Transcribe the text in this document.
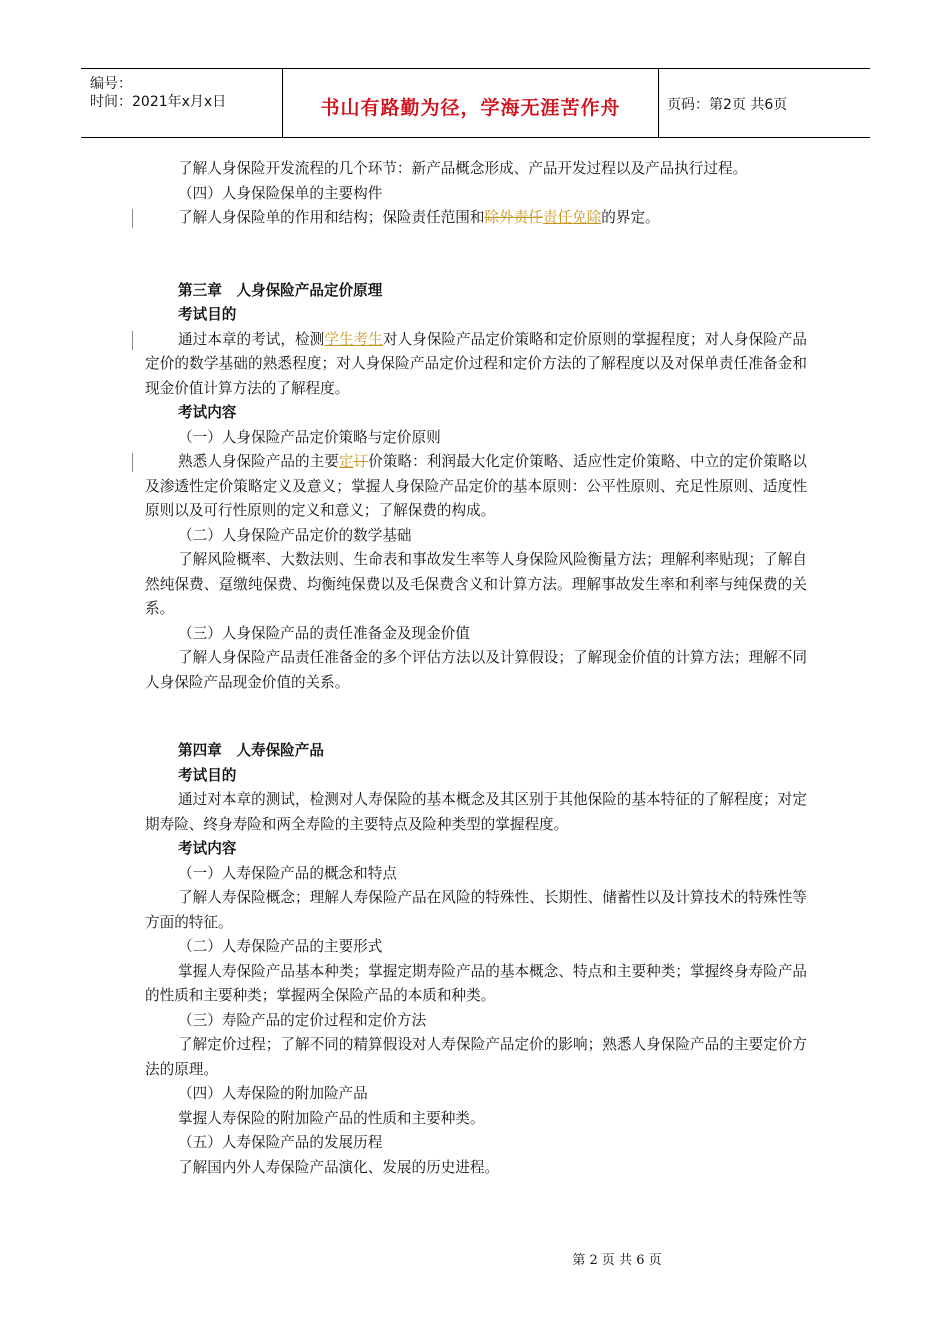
编号：
时间：2021年x月x日	书山有路勤为径，学海无涯苦作舟	页码：第2页 共6页

了解人身保险开发流程的几个环节：新产品概念形成、产品开发过程以及产品执行过程。

（四）人身保险保单的主要构件

了解人身保险单的作用和结构；保险责任范围和除外责任责任免除的界定。

第三章　人身保险产品定价原理

考试目的

通过本章的考试，检测学生考生对人身保险产品定价策略和定价原则的掌握程度；对人身保险产品定价的数学基础的熟悉程度；对人身保险产品定价过程和定价方法的了解程度以及对保单责任准备金和现金价值计算方法的了解程度。

考试内容

（一）人身保险产品定价策略与定价原则

熟悉人身保险产品的主要定订价策略：利润最大化定价策略、适应性定价策略、中立的定价策略以及渗透性定价策略定义及意义；掌握人身保险产品定价的基本原则：公平性原则、充足性原则、适度性原则以及可行性原则的定义和意义；了解保费的构成。

（二）人身保险产品定价的数学基础

了解风险概率、大数法则、生命表和事故发生率等人身保险风险衡量方法；理解利率贴现；了解自然纯保费、趸缴纯保费、均衡纯保费以及毛保费含义和计算方法。理解事故发生率和利率与纯保费的关系。

（三）人身保险产品的责任准备金及现金价值

了解人身保险产品责任准备金的多个评估方法以及计算假设；了解现金价值的计算方法；理解不同人身保险产品现金价值的关系。

第四章　人寿保险产品

考试目的

通过对本章的测试，检测对人寿保险的基本概念及其区别于其他保险的基本特征的了解程度；对定期寿险、终身寿险和两全寿险的主要特点及险种类型的掌握程度。

考试内容

（一）人寿保险产品的概念和特点

了解人寿保险概念；理解人寿保险产品在风险的特殊性、长期性、储蓄性以及计算技术的特殊性等方面的特征。

（二）人寿保险产品的主要形式

掌握人寿保险产品基本种类；掌握定期寿险产品的基本概念、特点和主要种类；掌握终身寿险产品的性质和主要种类；掌握两全保险产品的本质和种类。

（三）寿险产品的定价过程和定价方法

了解定价过程；了解不同的精算假设对人寿保险产品定价的影响；熟悉人身保险产品的主要定价方法的原理。

（四）人寿保险的附加险产品

掌握人寿保险的附加险产品的性质和主要种类。

（五）人寿保险产品的发展历程

了解国内外人寿保险产品演化、发展的历史进程。

第 2 页 共 6 页
